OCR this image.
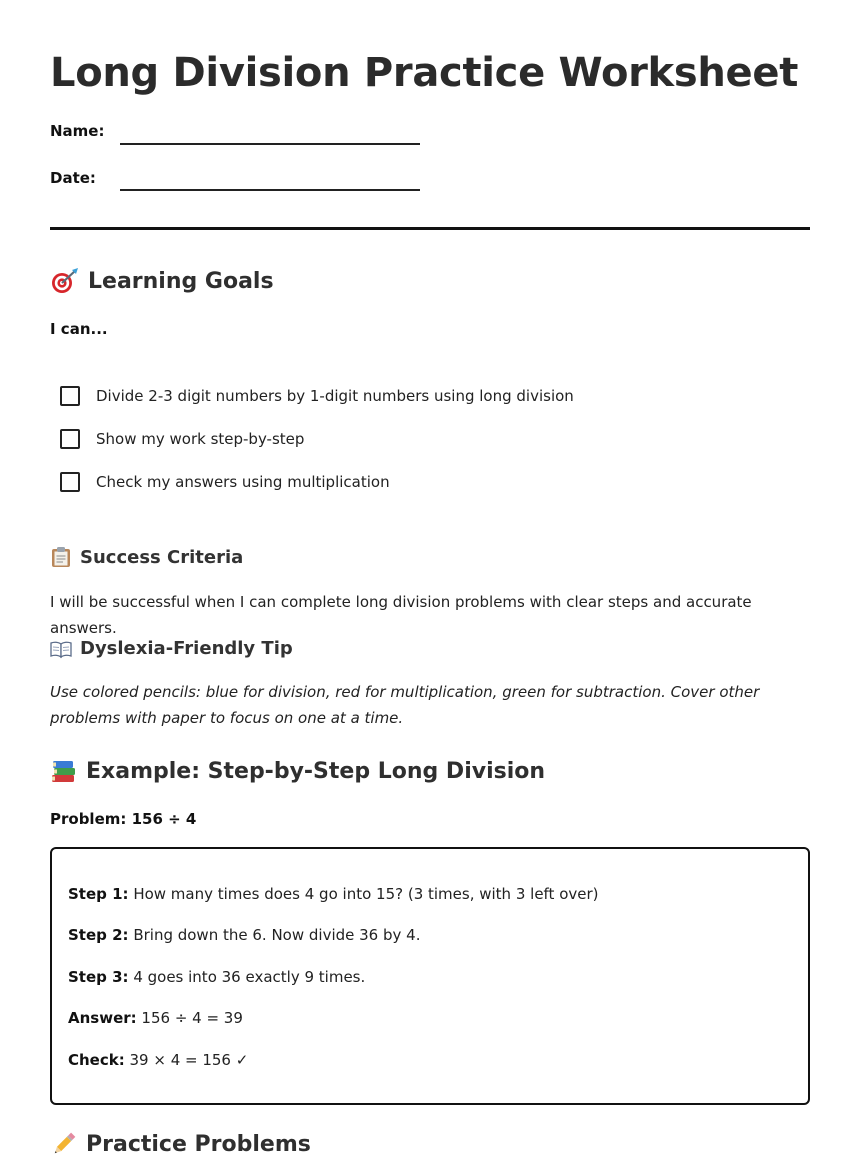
Long Division Practice Worksheet
Name:
Date:
Learning Goals
I can...
Divide 2-3 digit numbers by 1-digit numbers using long division
Show my work step-by-step
Check my answers using multiplication
Success Criteria
I will be successful when I can complete long division problems with clear steps and accurate answers.
Dyslexia-Friendly Tip
Use colored pencils: blue for division, red for multiplication, green for subtraction. Cover other problems with paper to focus on one at a time.
Example: Step-by-Step Long Division
Problem: 156 ÷ 4
Step 1: How many times does 4 go into 15? (3 times, with 3 left over)
Step 2: Bring down the 6. Now divide 36 by 4.
Step 3: 4 goes into 36 exactly 9 times.
Answer: 156 ÷ 4 = 39
Check: 39 × 4 = 156 ✓
Practice Problems
